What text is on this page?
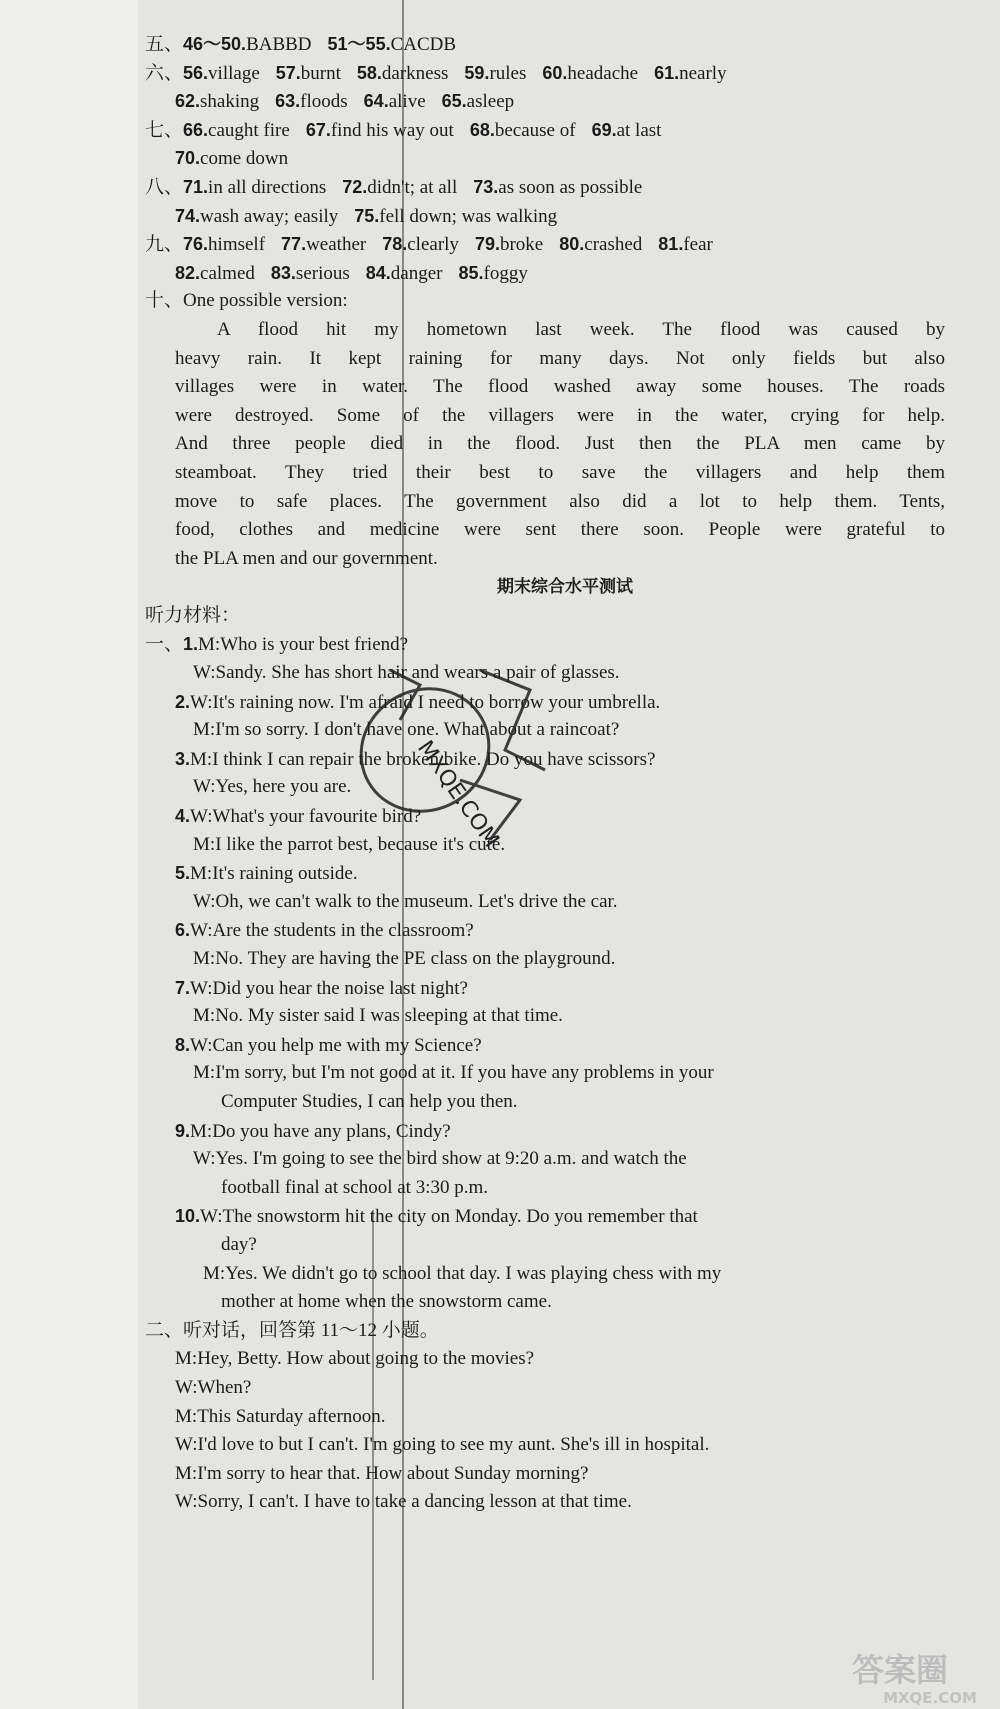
五、46～50.BABBD 51～55.CACDB
六、56.village 57.burnt 58.darkness 59.rules 60.headache 61.nearly
62.shaking 63.floods 64.alive 65.asleep
七、66.caught fire 67.find his way out 68.because of 69.at last
70.come down
八、71.in all directions 72.didn't; at all 73.as soon as possible
74.wash away; easily 75.fell down; was walking
九、76.himself 77.weather 78.clearly 79.broke 80.crashed 81.fear
82.calmed 83.serious 84.danger 85.foggy
十、One possible version:
A flood hit my hometown last week. The flood was caused by
heavy rain. It kept raining for many days. Not only fields but also
villages were in water. The flood washed away some houses. The roads
were destroyed. Some of the villagers were in the water, crying for help.
And three people died in the flood. Just then the PLA men came by
steamboat. They tried their best to save the villagers and help them
move to safe places. The government also did a lot to help them. Tents,
food, clothes and medicine were sent there soon. People were grateful to
the PLA men and our government.
期末综合水平测试
听力材料：
一、1.M:Who is your best friend?
W:Sandy. She has short hair and wears a pair of glasses.
2.W:It's raining now. I'm afraid I need to borrow your umbrella.
M:I'm so sorry. I don't have one. What about a raincoat?
3.M:I think I can repair the broken bike. Do you have scissors?
W:Yes, here you are.
4.W:What's your favourite bird?
M:I like the parrot best, because it's cute.
5.M:It's raining outside.
W:Oh, we can't walk to the museum. Let's drive the car.
6.W:Are the students in the classroom?
M:No. They are having the PE class on the playground.
7.W:Did you hear the noise last night?
M:No. My sister said I was sleeping at that time.
8.W:Can you help me with my Science?
M:I'm sorry, but I'm not good at it. If you have any problems in your
Computer Studies, I can help you then.
9.M:Do you have any plans, Cindy?
W:Yes. I'm going to see the bird show at 9:20 a.m. and watch the
football final at school at 3:30 p.m.
10.W:The snowstorm hit the city on Monday. Do you remember that
day?
M:Yes. We didn't go to school that day. I was playing chess with my
mother at home when the snowstorm came.
二、听对话，回答第 11～12 小题。
M:Hey, Betty. How about going to the movies?
W:When?
M:This Saturday afternoon.
W:I'd love to but I can't. I'm going to see my aunt. She's ill in hospital.
M:I'm sorry to hear that. How about Sunday morning?
W:Sorry, I can't. I have to take a dancing lesson at that time.
MXQE.COM
答案圈
MXQE.COM
